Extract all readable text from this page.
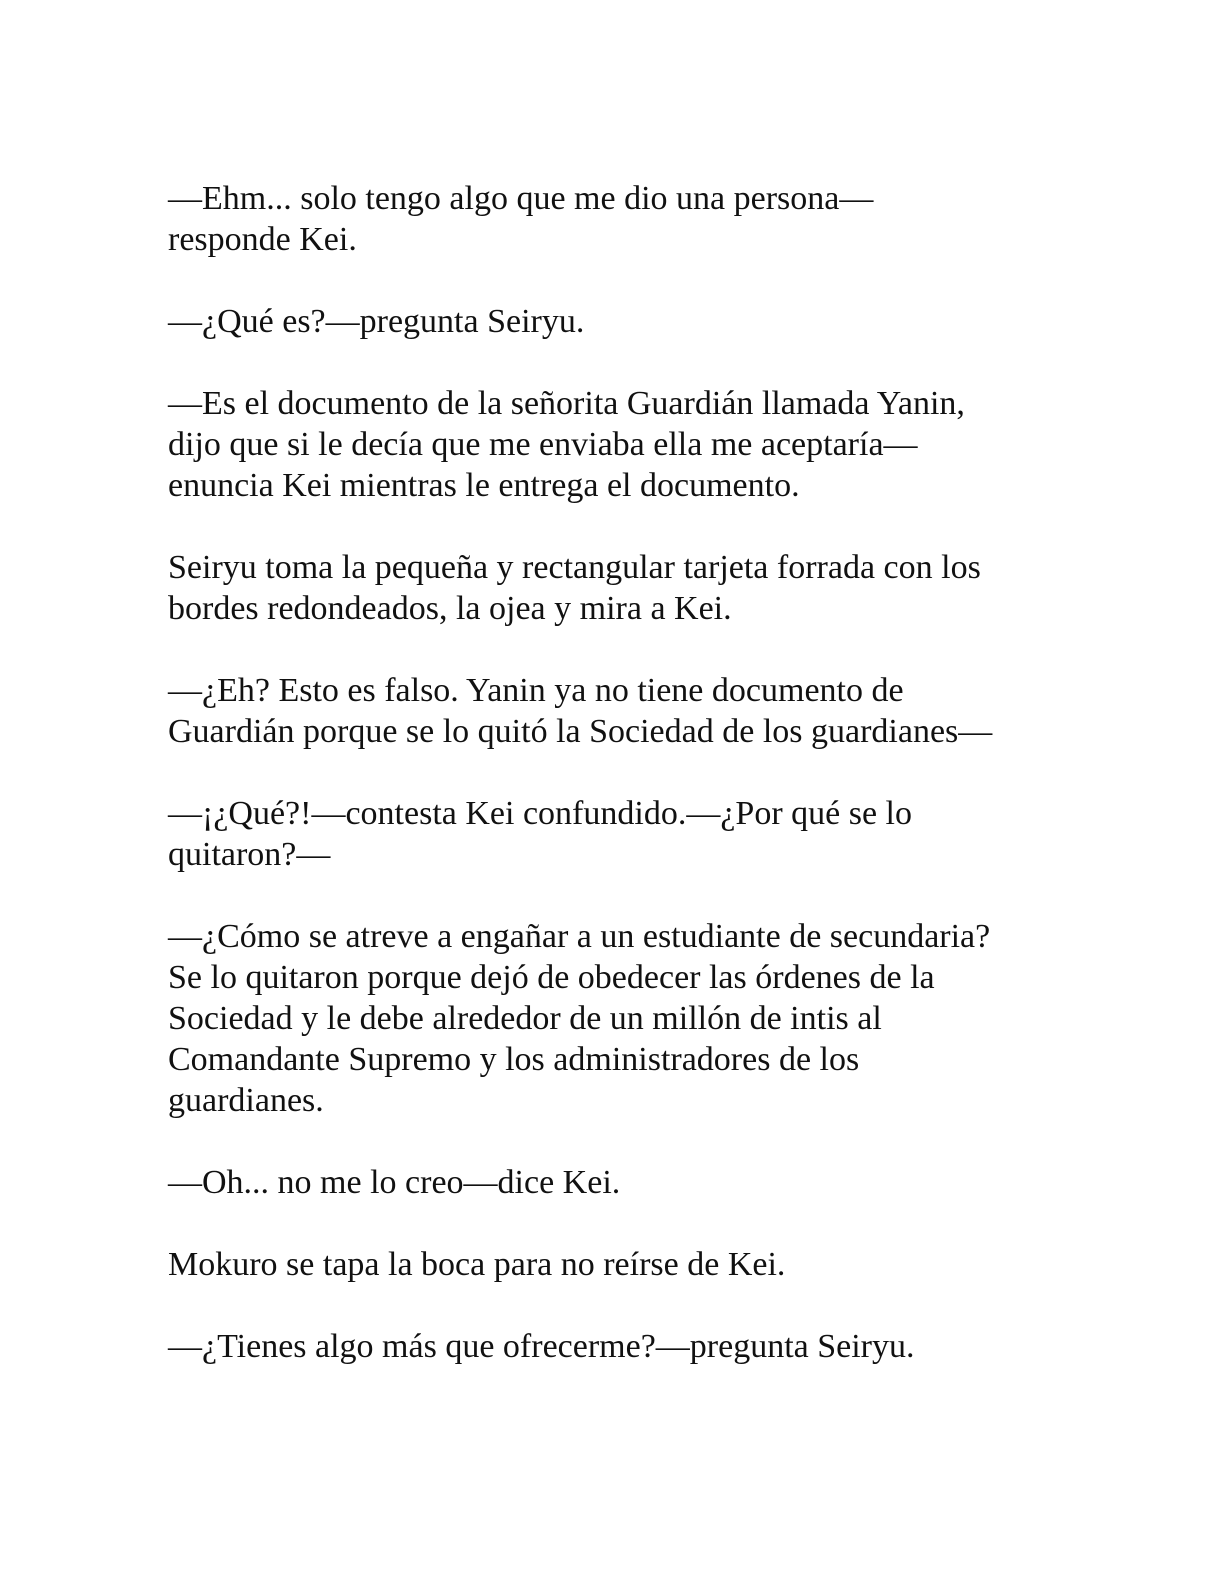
—Ehm... solo tengo algo que me dio una persona—
responde Kei.

—¿Qué es?—pregunta Seiryu.

—Es el documento de la señorita Guardián llamada Yanin,
dijo que si le decía que me enviaba ella me aceptaría—
enuncia Kei mientras le entrega el documento.

Seiryu toma la pequeña y rectangular tarjeta forrada con los
bordes redondeados, la ojea y mira a Kei.

—¿Eh? Esto es falso. Yanin ya no tiene documento de
Guardián porque se lo quitó la Sociedad de los guardianes—

—¡¿Qué?!—contesta Kei confundido.—¿Por qué se lo
quitaron?—

—¿Cómo se atreve a engañar a un estudiante de secundaria?
Se lo quitaron porque dejó de obedecer las órdenes de la
Sociedad y le debe alrededor de un millón de intis al
Comandante Supremo y los administradores de los
guardianes.

—Oh... no me lo creo—dice Kei.

Mokuro se tapa la boca para no reírse de Kei.

—¿Tienes algo más que ofrecerme?—pregunta Seiryu.
